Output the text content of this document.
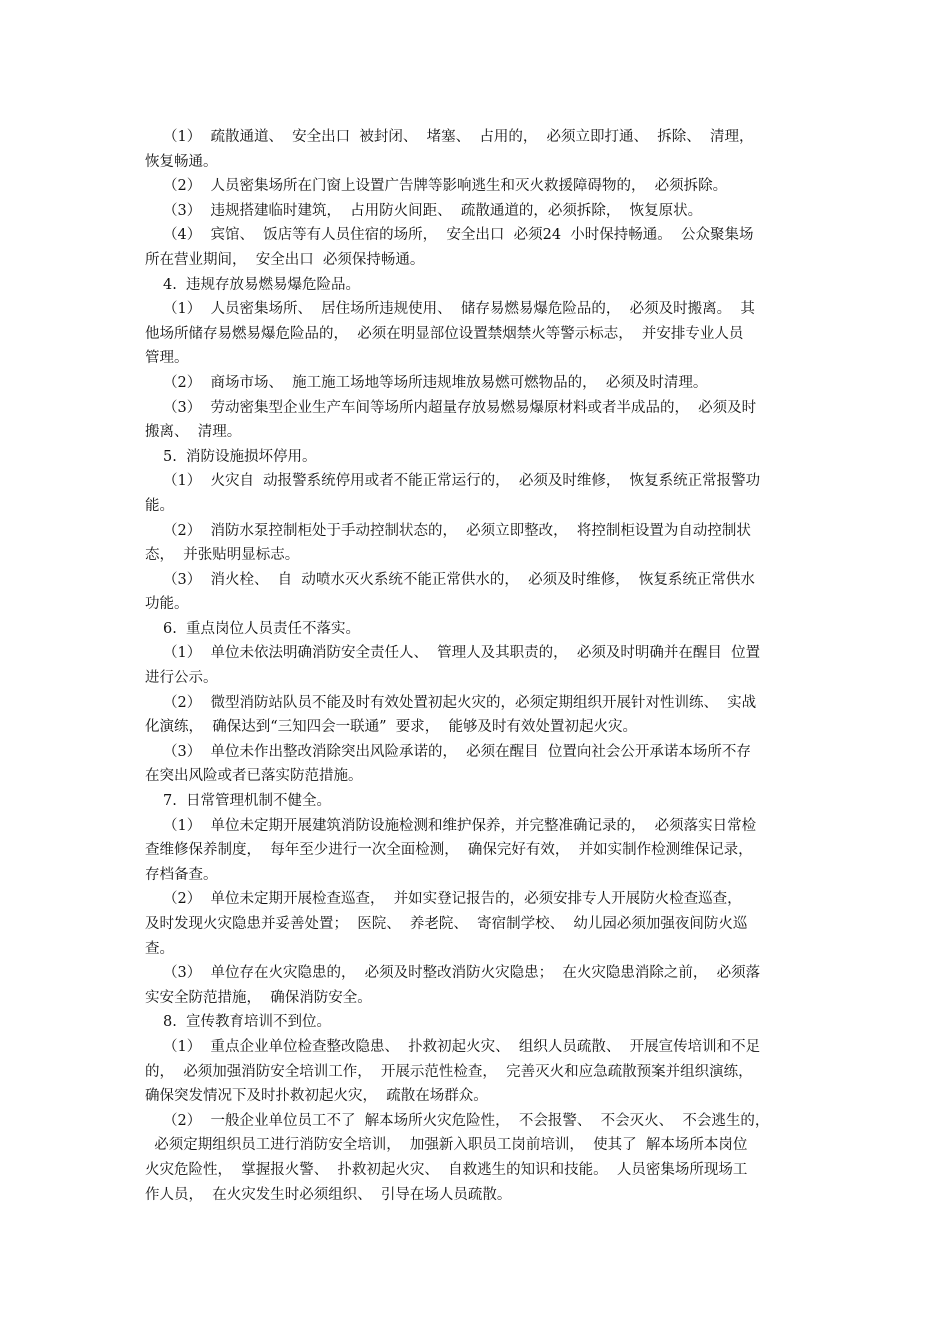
（1）  疏散通道、  安全出口  被封闭、  堵塞、  占用的，  必须立即打通、  拆除、  清理，

恢复畅通。

（2）  人员密集场所在门窗上设置广告牌等影响逃生和灭火救援障碍物的，  必须拆除。

（3）  违规搭建临时建筑，  占用防火间距、  疏散通道的，必须拆除，  恢复原状。

（4）  宾馆、  饭店等有人员住宿的场所，  安全出口  必须24  小时保持畅通。  公众聚集场

所在营业期间，  安全出口  必须保持畅通。

4.  违规存放易燃易爆危险品。

（1）  人员密集场所、  居住场所违规使用、  储存易燃易爆危险品的，  必须及时搬离。  其

他场所储存易燃易爆危险品的，  必须在明显部位设置禁烟禁火等警示标志，  并安排专业人员

管理。

（2）  商场市场、  施工施工场地等场所违规堆放易燃可燃物品的，  必须及时清理。

（3）  劳动密集型企业生产车间等场所内超量存放易燃易爆原材料或者半成品的，  必须及时

搬离、  清理。

5.  消防设施损坏停用。

（1）  火灾自  动报警系统停用或者不能正常运行的，  必须及时维修，  恢复系统正常报警功

能。

（2）  消防水泵控制柜处于手动控制状态的，  必须立即整改，  将控制柜设置为自动控制状

态，  并张贴明显标志。

（3）  消火栓、  自  动喷水灭火系统不能正常供水的，  必须及时维修，  恢复系统正常供水

功能。

6.  重点岗位人员责任不落实。

（1）  单位未依法明确消防安全责任人、  管理人及其职责的，  必须及时明确并在醒目  位置

进行公示。

（2）  微型消防站队员不能及时有效处置初起火灾的，必须定期组织开展针对性训练、  实战

化演练，  确保达到“三知四会一联通”  要求，  能够及时有效处置初起火灾。

（3）  单位未作出整改消除突出风险承诺的，  必须在醒目  位置向社会公开承诺本场所不存

在突出风险或者已落实防范措施。

7.  日常管理机制不健全。

（1）  单位未定期开展建筑消防设施检测和维护保养，并完整准确记录的，  必须落实日常检

查维修保养制度，  每年至少进行一次全面检测，  确保完好有效，  并如实制作检测维保记录，

存档备查。

（2）  单位未定期开展检查巡查，  并如实登记报告的，必须安排专人开展防火检查巡查，

及时发现火灾隐患并妥善处置；  医院、  养老院、  寄宿制学校、  幼儿园必须加强夜间防火巡

查。

（3）  单位存在火灾隐患的，  必须及时整改消防火灾隐患；  在火灾隐患消除之前，  必须落

实安全防范措施，  确保消防安全。

8.  宣传教育培训不到位。

（1）  重点企业单位检查整改隐患、  扑救初起火灾、  组织人员疏散、  开展宣传培训和不足

的，  必须加强消防安全培训工作，  开展示范性检查，  完善灭火和应急疏散预案并组织演练，

确保突发情况下及时扑救初起火灾，  疏散在场群众。

（2）  一般企业单位员工不了  解本场所火灾危险性，  不会报警、  不会灭火、  不会逃生的，

必须定期组织员工进行消防安全培训，  加强新入职员工岗前培训，  使其了  解本场所本岗位

火灾危险性，  掌握报火警、  扑救初起火灾、  自救逃生的知识和技能。  人员密集场所现场工

作人员，  在火灾发生时必须组织、  引导在场人员疏散。
